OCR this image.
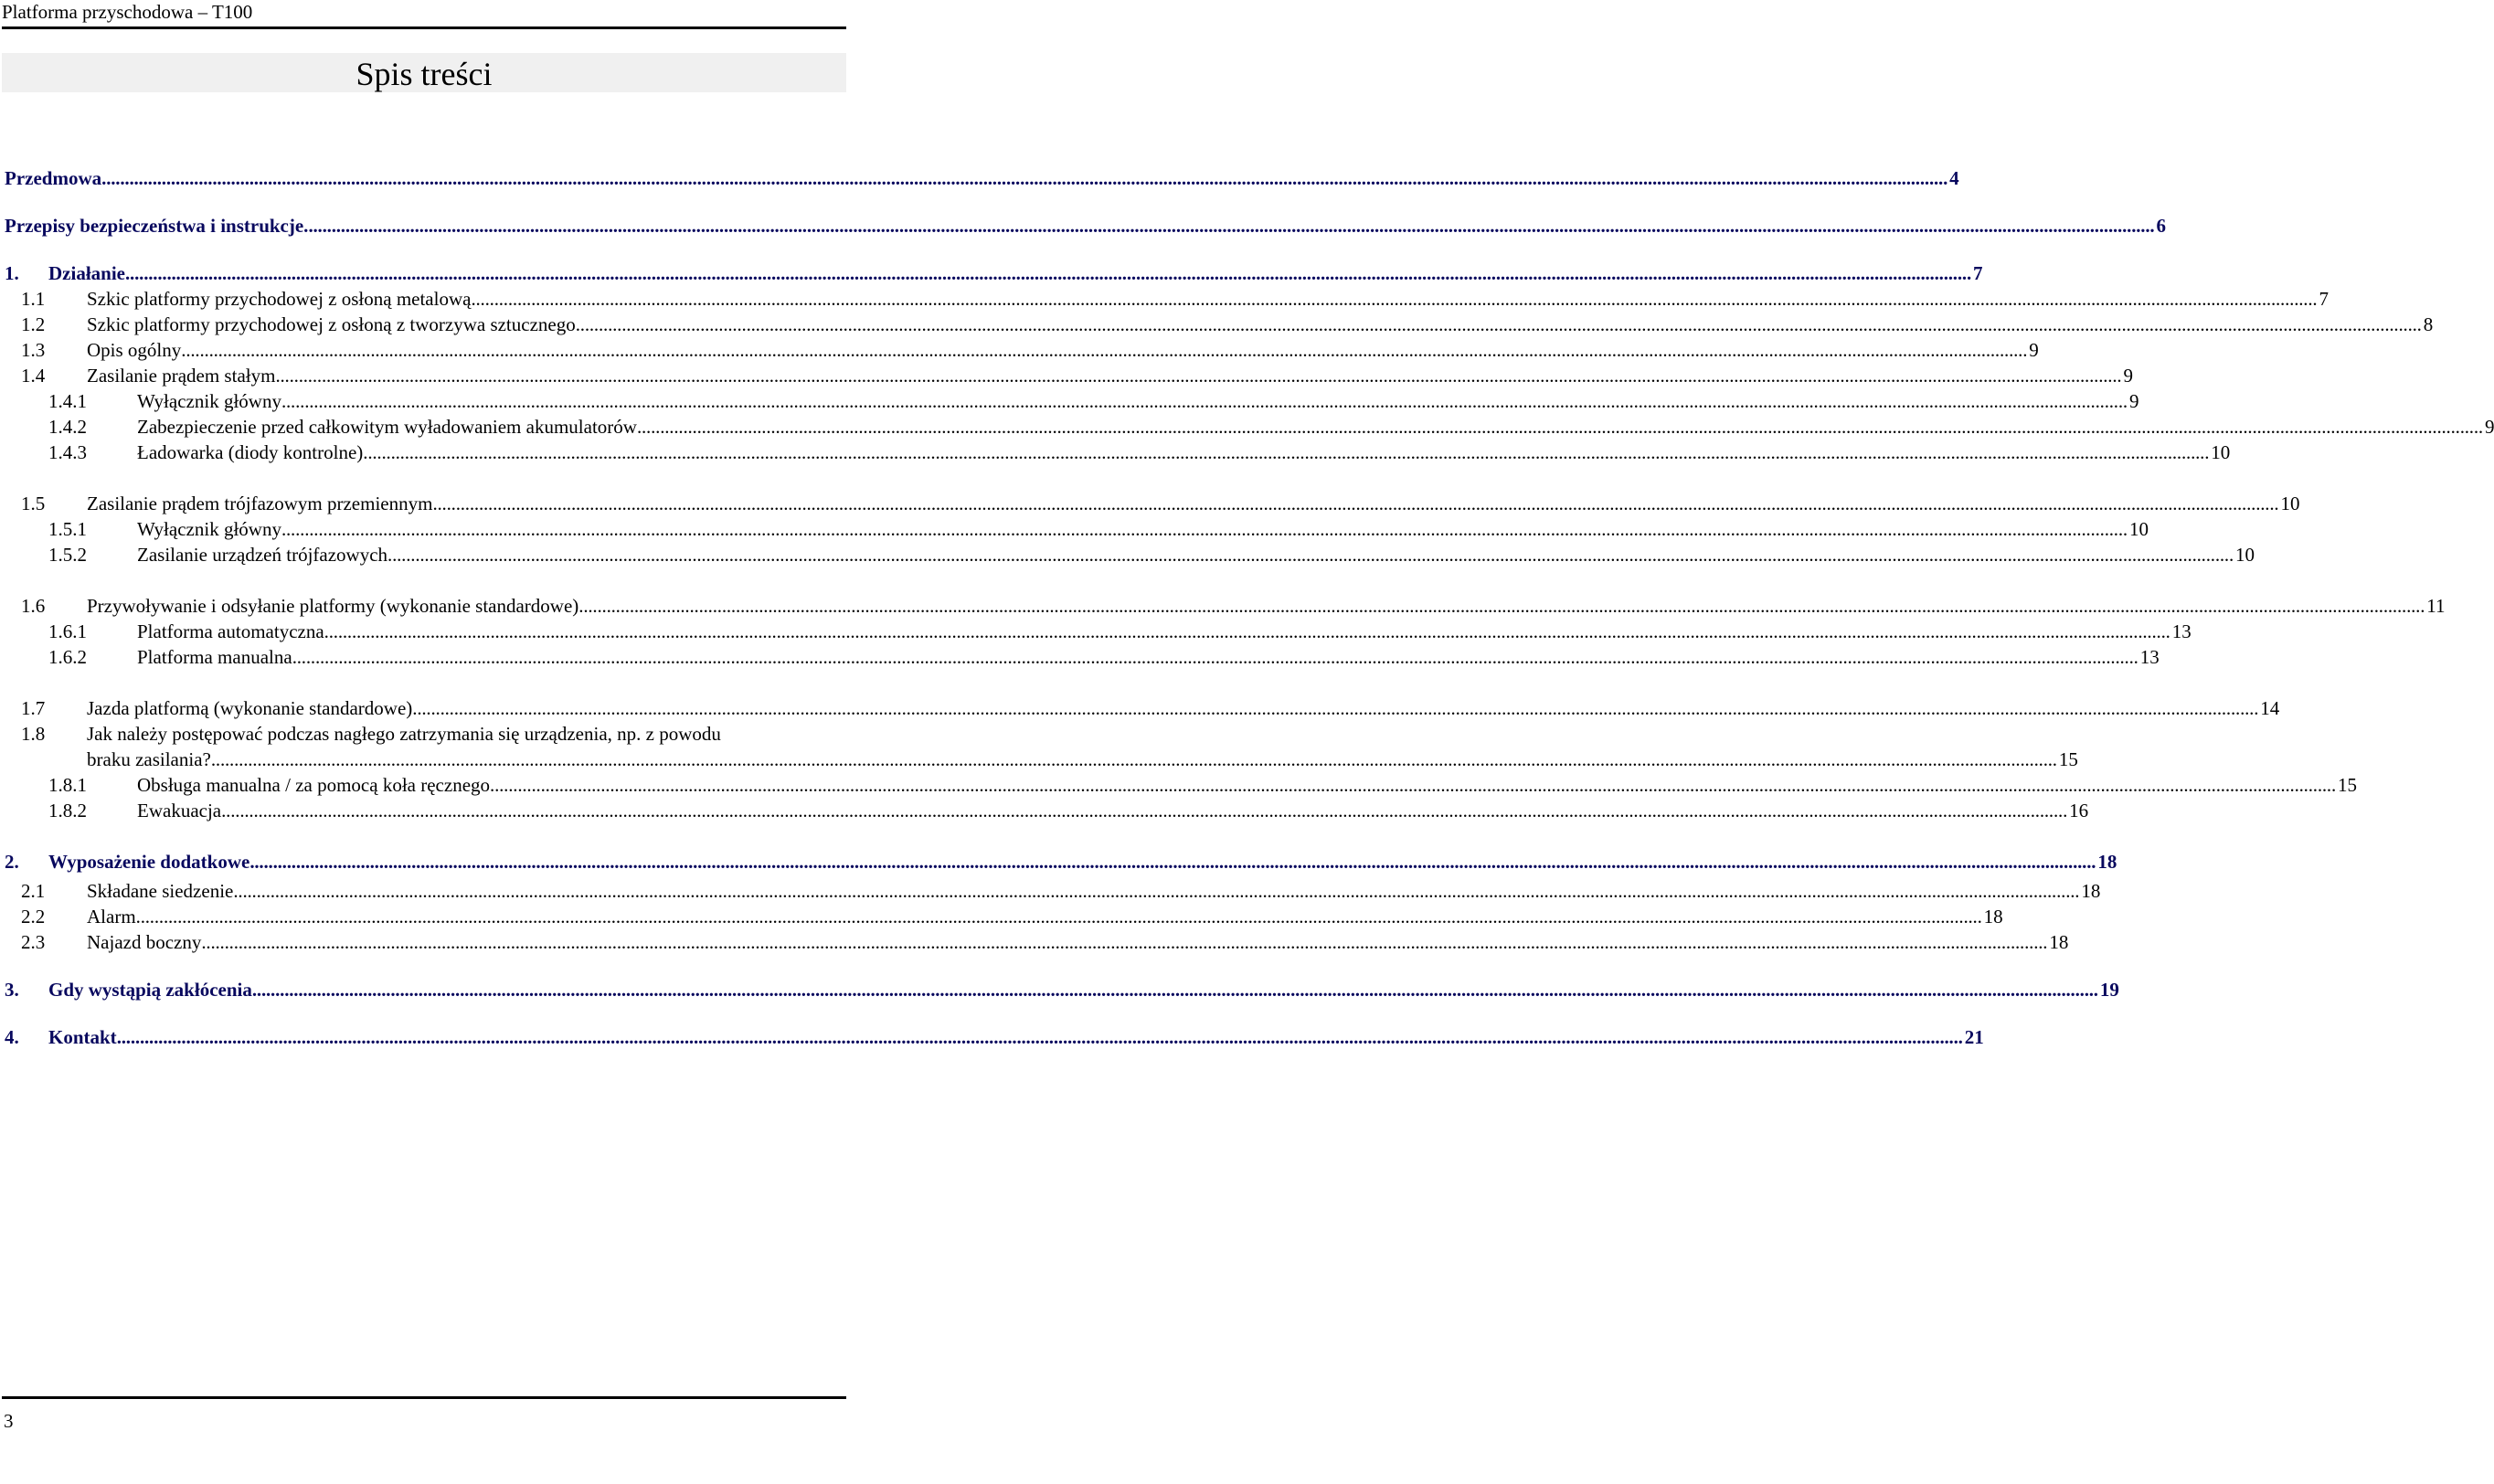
Platforma przyschodowa – T100
Spis treści
Przedmowa ................................................................................................................................................................................................................................................................................................................................................................................................................ 4
Przepisy bezpieczeństwa i instrukcje. ................................................................................................................................................................................................................................................................................................................................................................................................................ 6
1. Działanie ................................................................................................................................................................................................................................................................................................................................................................................................................ 7
1.1 Szkic platformy przychodowej z osłoną metalową ................................................................................................................................................................................................................................................................................................................................................................................................................ 7
1.2 Szkic platformy przychodowej z osłoną z tworzywa sztucznego ................................................................................................................................................................................................................................................................................................................................................................................................................ 8
1.3 Opis ogólny ................................................................................................................................................................................................................................................................................................................................................................................................................ 9
1.4 Zasilanie prądem stałym ................................................................................................................................................................................................................................................................................................................................................................................................................ 9
1.4.1	Wyłącznik główny ................................................................................................................................................................................................................................................................................................................................................................................................................ 9
1.4.2	Zabezpieczenie przed całkowitym wyładowaniem akumulatorów ................................................................................................................................................................................................................................................................................................................................................................................................................ 9
1.4.3	Ładowarka (diody kontrolne) ................................................................................................................................................................................................................................................................................................................................................................................................................ 10
1.5 Zasilanie prądem trójfazowym przemiennym ................................................................................................................................................................................................................................................................................................................................................................................................................ 10
1.5.1	Wyłącznik główny ................................................................................................................................................................................................................................................................................................................................................................................................................ 10
1.5.2	Zasilanie urządzeń trójfazowych ................................................................................................................................................................................................................................................................................................................................................................................................................ 10
1.6 Przywoływanie i odsyłanie platformy (wykonanie standardowe) ................................................................................................................................................................................................................................................................................................................................................................................................................ 11
1.6.1	Platforma automatyczna ................................................................................................................................................................................................................................................................................................................................................................................................................ 13
1.6.2	Platforma manualna ................................................................................................................................................................................................................................................................................................................................................................................................................ 13
1.7 Jazda platformą (wykonanie standardowe) ................................................................................................................................................................................................................................................................................................................................................................................................................ 14
1.8 Jak należy postępować podczas nagłego zatrzymania się urządzenia, np. z powodu
braku zasilania? ................................................................................................................................................................................................................................................................................................................................................................................................................ 15
1.8.1	Obsługa manualna / za pomocą koła ręcznego ................................................................................................................................................................................................................................................................................................................................................................................................................ 15
1.8.2	Ewakuacja ................................................................................................................................................................................................................................................................................................................................................................................................................ 16
2. Wyposażenie dodatkowe ................................................................................................................................................................................................................................................................................................................................................................................................................ 18
2.1 Składane siedzenie ................................................................................................................................................................................................................................................................................................................................................................................................................ 18
2.2 Alarm ................................................................................................................................................................................................................................................................................................................................................................................................................ 18
2.3 Najazd boczny ................................................................................................................................................................................................................................................................................................................................................................................................................ 18
3. Gdy wystąpią zakłócenia ................................................................................................................................................................................................................................................................................................................................................................................................................ 19
4. Kontakt ................................................................................................................................................................................................................................................................................................................................................................................................................ 21
3
